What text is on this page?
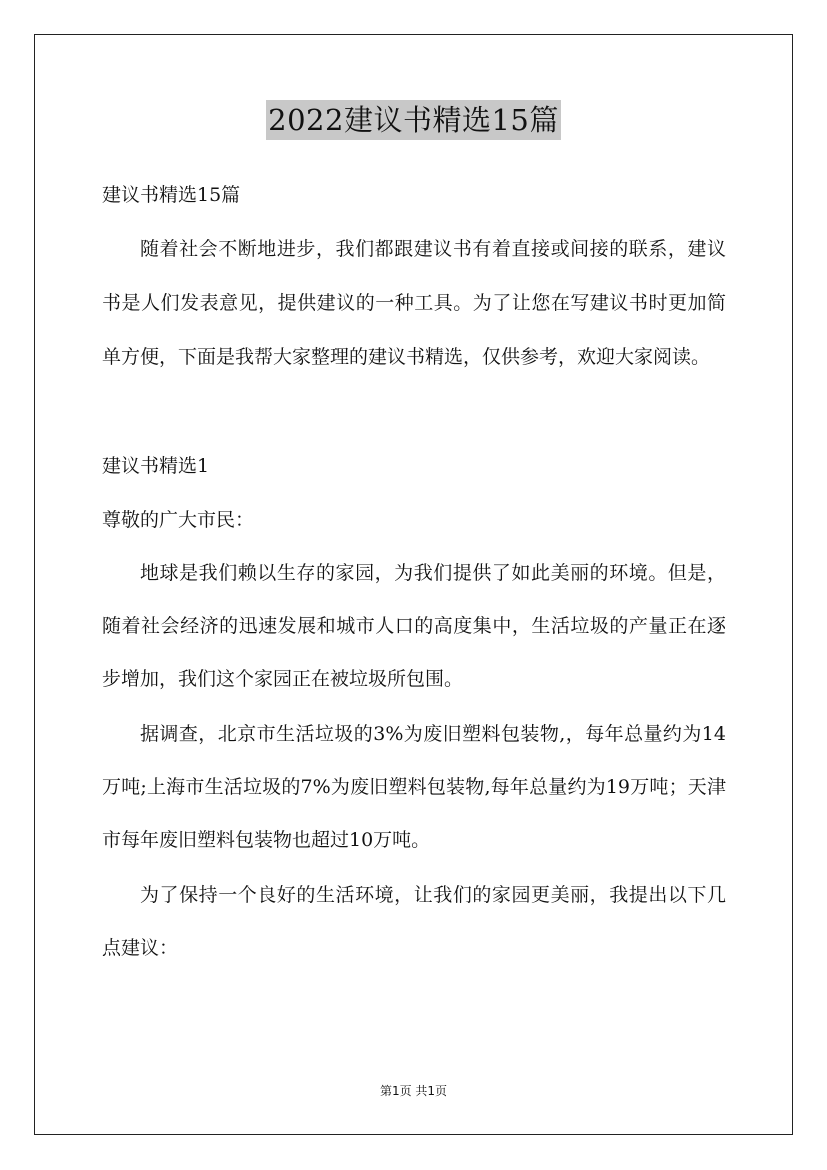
2022建议书精选15篇

建议书精选15篇

随着社会不断地进步，我们都跟建议书有着直接或间接的联系，建议书是人们发表意见，提供建议的一种工具。为了让您在写建议书时更加简单方便，下面是我帮大家整理的建议书精选，仅供参考，欢迎大家阅读。

建议书精选1

尊敬的广大市民：

地球是我们赖以生存的家园，为我们提供了如此美丽的环境。但是，随着社会经济的迅速发展和城市人口的高度集中，生活垃圾的产量正在逐步增加，我们这个家园正在被垃圾所包围。

据调查，北京市生活垃圾的3%为废旧塑料包装物,，每年总量约为14万吨;上海市生活垃圾的7%为废旧塑料包装物,每年总量约为19万吨；天津市每年废旧塑料包装物也超过10万吨。

为了保持一个良好的生活环境，让我们的家园更美丽，我提出以下几点建议：

第1页 共1页
